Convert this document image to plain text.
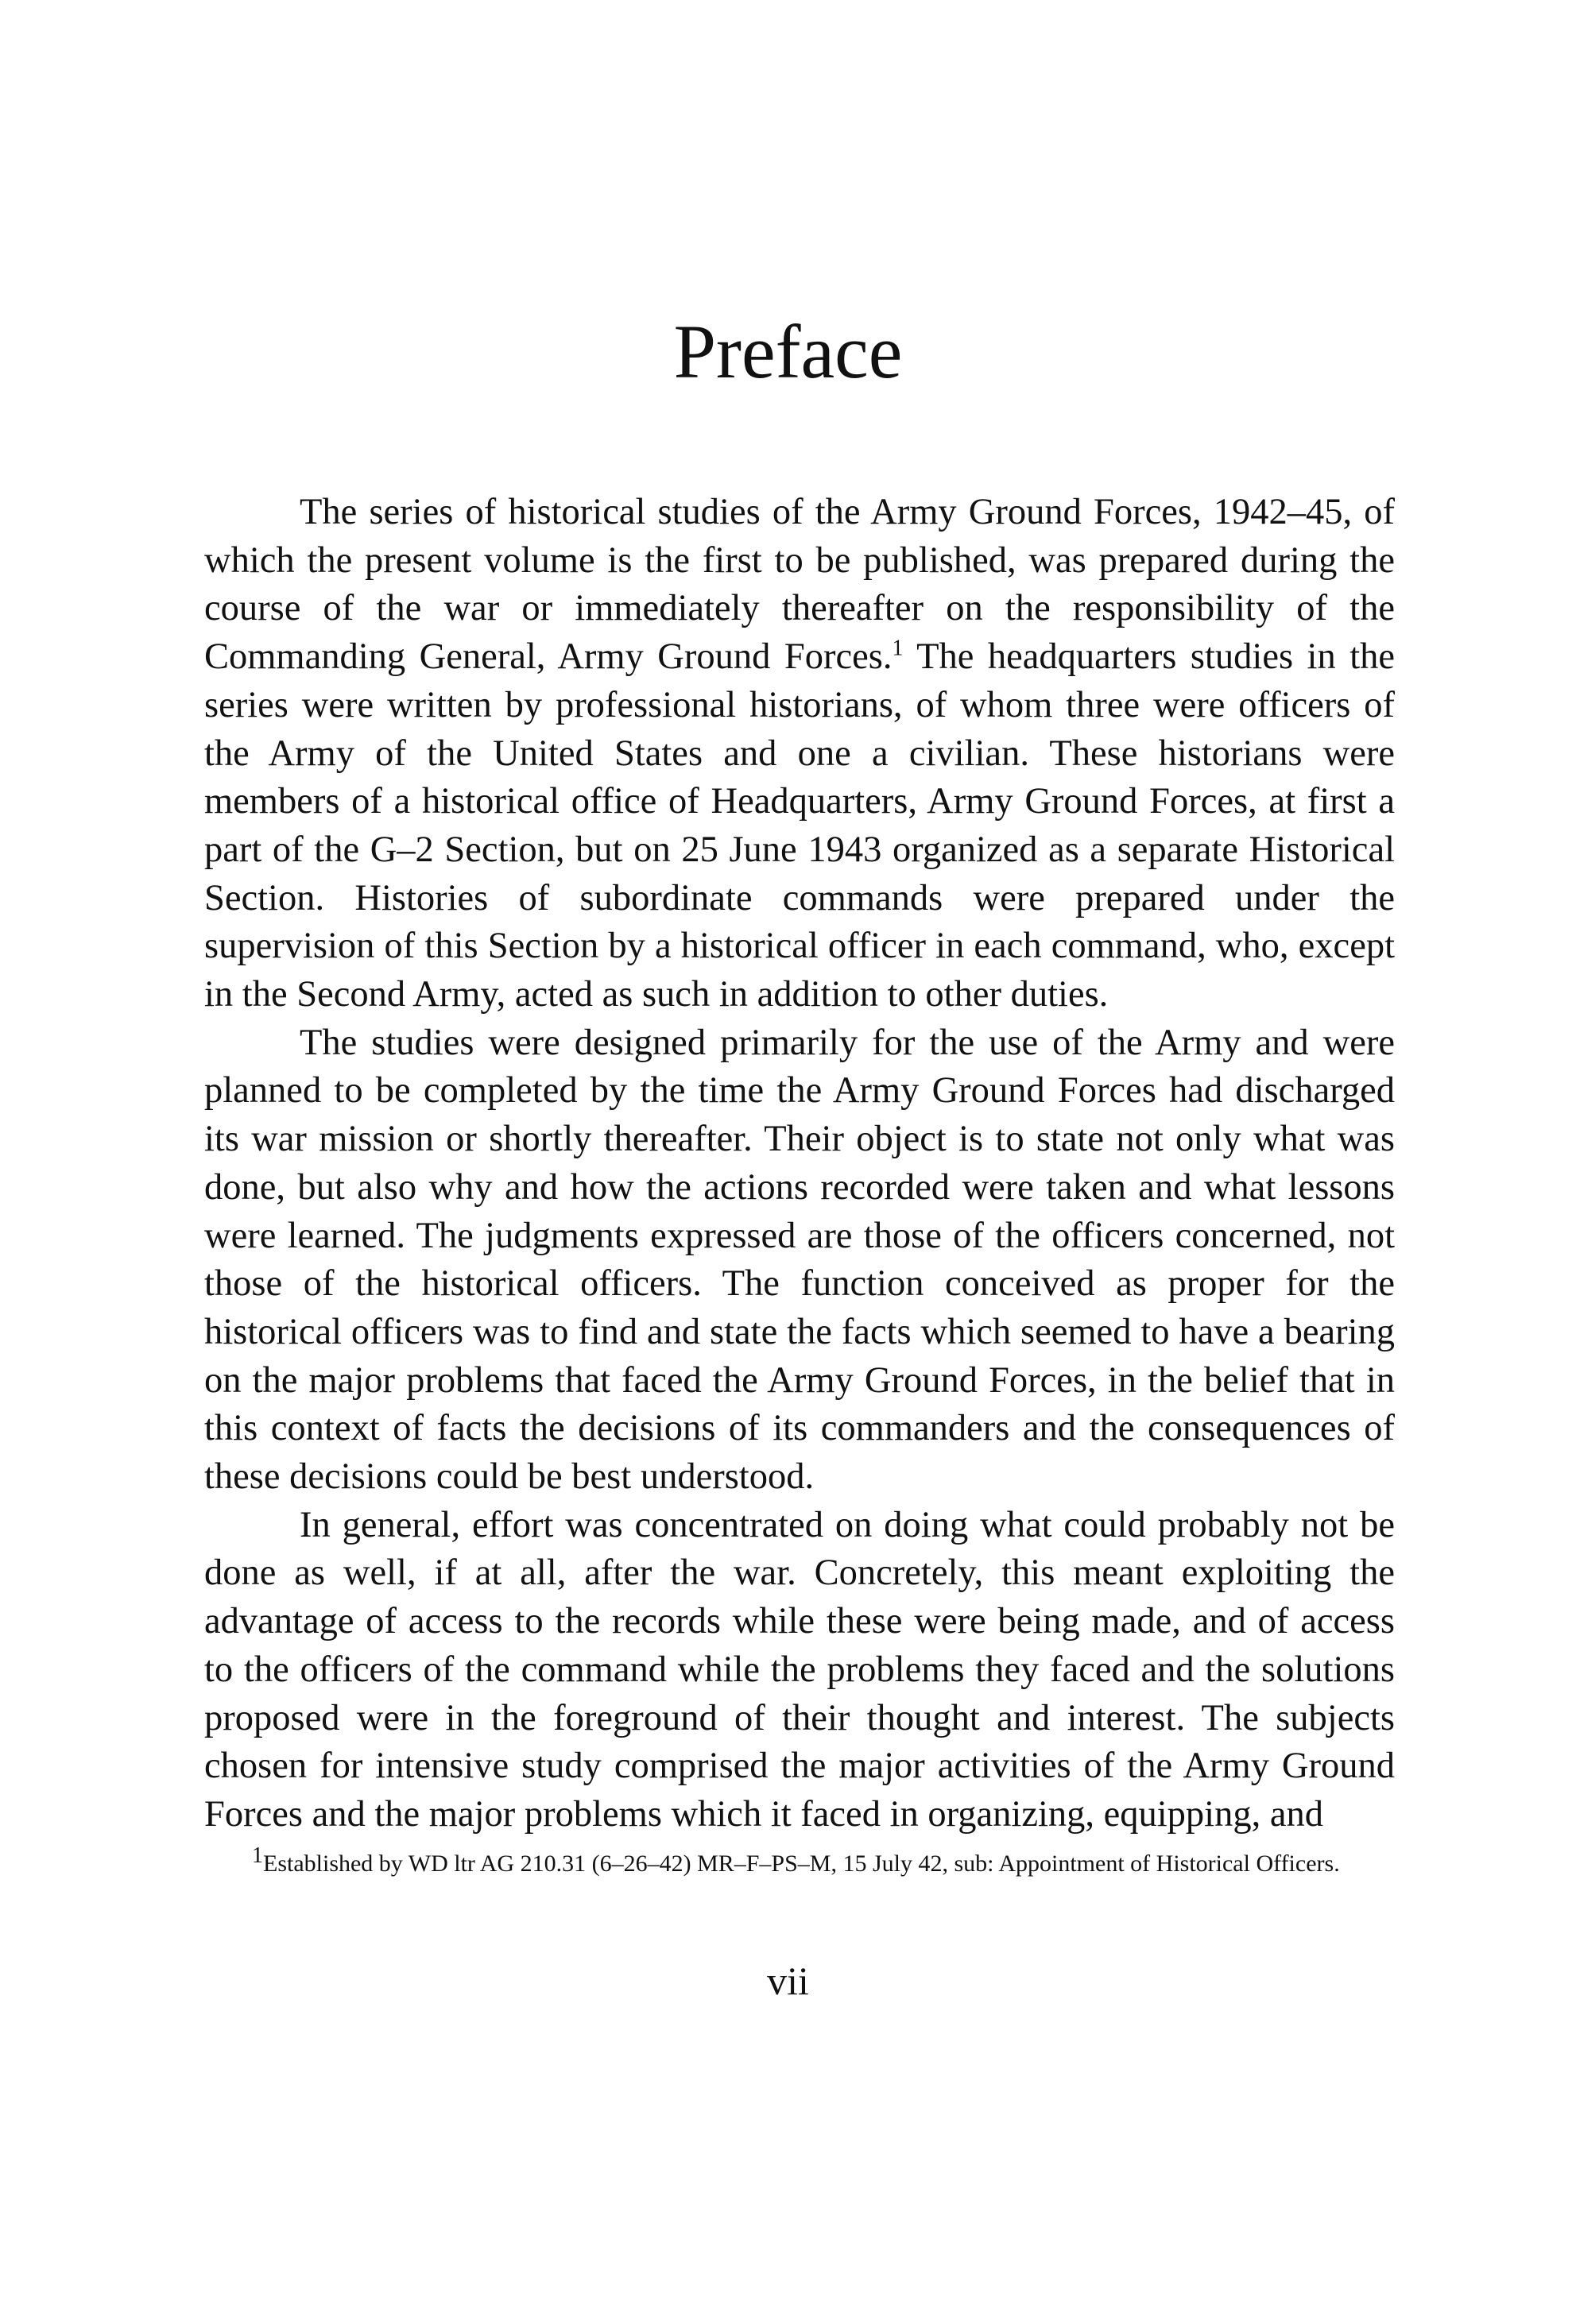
Preface

The series of historical studies of the Army Ground Forces, 1942–45, of which the present volume is the first to be published, was prepared during the course of the war or immediately thereafter on the responsibility of the Commanding General, Army Ground Forces.$^1$ The headquarters studies in the series were written by professional historians, of whom three were officers of the Army of the United States and one a civilian. These historians were members of a historical office of Headquarters, Army Ground Forces, at first a part of the G–2 Section, but on 25 June 1943 organized as a separate Historical Section. Histories of subordinate commands were prepared under the supervision of this Section by a historical officer in each command, who, except in the Second Army, acted as such in addition to other duties.

The studies were designed primarily for the use of the Army and were planned to be completed by the time the Army Ground Forces had discharged its war mission or shortly thereafter. Their object is to state not only what was done, but also why and how the actions recorded were taken and what lessons were learned. The judgments expressed are those of the officers concerned, not those of the historical officers. The function conceived as proper for the historical officers was to find and state the facts which seemed to have a bearing on the major problems that faced the Army Ground Forces, in the belief that in this context of facts the decisions of its commanders and the consequences of these decisions could be best understood.

In general, effort was concentrated on doing what could probably not be done as well, if at all, after the war. Concretely, this meant exploiting the advantage of access to the records while these were being made, and of access to the officers of the command while the problems they faced and the solutions proposed were in the foreground of their thought and interest. The subjects chosen for intensive study comprised the major activities of the Army Ground Forces and the major problems which it faced in organizing, equipping, and

$^1$Established by WD ltr AG 210.31 (6–26–42) MR–F–PS–M, 15 July 42, sub: Appointment of Historical Officers.

vii
